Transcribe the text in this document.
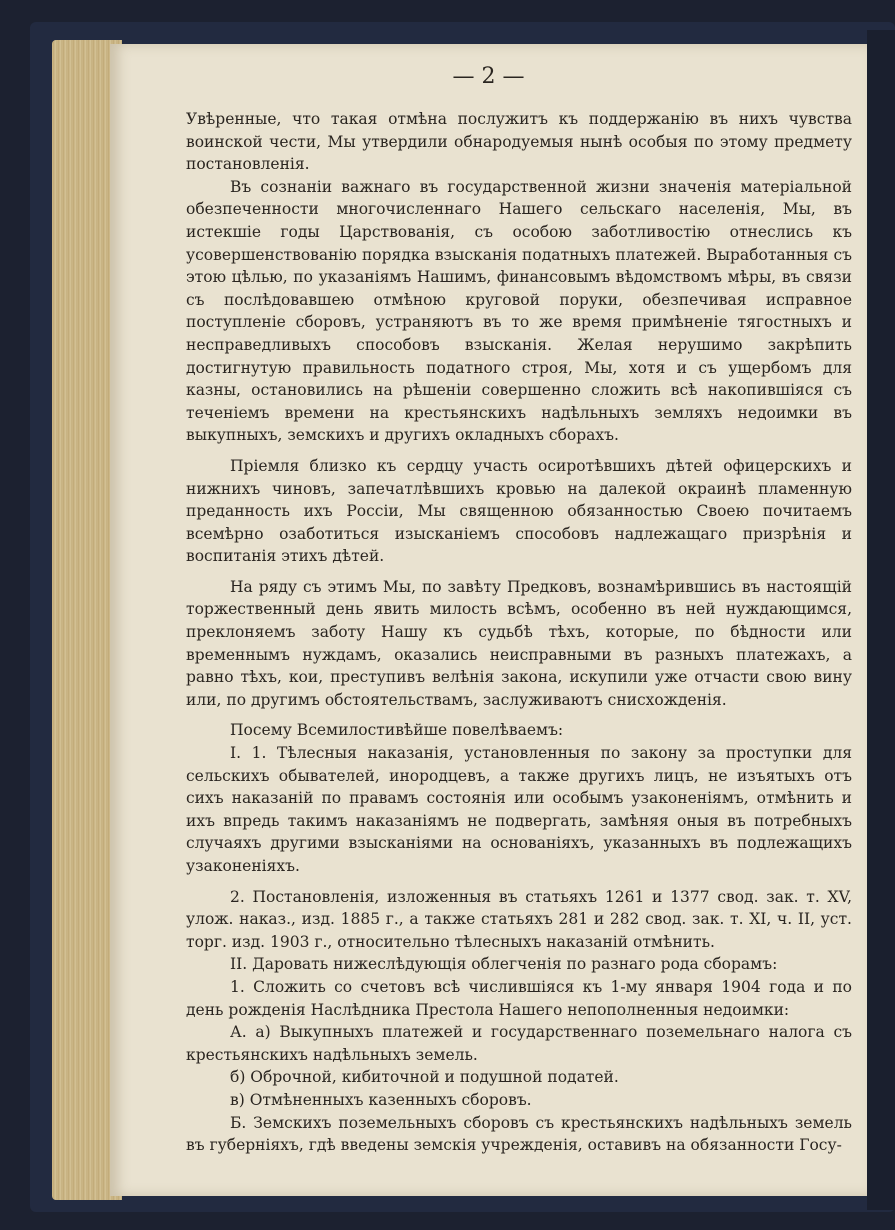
— 2 —

Увѣренные, что такая отмѣна послужитъ къ поддержанію въ нихъ чувства воинской чести, Мы утвердили обнародуемыя нынѣ особыя по этому предмету постановленія.

Въ сознаніи важнаго въ государственной жизни значенія матеріальной обезпеченности многочисленнаго Нашего сельскаго населенія, Мы, въ истекшіе годы Царствованія, съ особою заботливостію отнеслись къ усовершенствованію порядка взысканія податныхъ платежей. Выработанныя съ этою цѣлью, по указаніямъ Нашимъ, финансовымъ вѣдомствомъ мѣры, въ связи съ послѣдовавшею отмѣною круговой поруки, обезпечивая исправное поступленіе сборовъ, устраняютъ въ то же время примѣненіе тягостныхъ и несправедливыхъ способовъ взысканія. Желая нерушимо закрѣпить достигнутую правильность податного строя, Мы, хотя и съ ущербомъ для казны, остановились на рѣшеніи совершенно сложить всѣ накопившіяся съ теченіемъ времени на крестьянскихъ надѣльныхъ земляхъ недоимки въ выкупныхъ, земскихъ и другихъ окладныхъ сборахъ.

Пріемля близко къ сердцу участь осиротѣвшихъ дѣтей офицерскихъ и нижнихъ чиновъ, запечатлѣвшихъ кровью на далекой окраинѣ пламенную преданность ихъ Россіи, Мы священною обязанностью Своею почитаемъ всемѣрно озаботиться изысканіемъ способовъ надлежащаго призрѣнія и воспитанія этихъ дѣтей.

На ряду съ этимъ Мы, по завѣту Предковъ, вознамѣрившись въ настоящій торжественный день явить милость всѣмъ, особенно въ ней нуждающимся, преклоняемъ заботу Нашу къ судьбѣ тѣхъ, которые, по бѣдности или временнымъ нуждамъ, оказались неисправными въ разныхъ платежахъ, а равно тѣхъ, кои, преступивъ велѣнія закона, искупили уже отчасти свою вину или, по другимъ обстоятельствамъ, заслуживаютъ снисхожденія.

Посему Всемилостивѣйше повелѣваемъ:

I. 1. Тѣлесныя наказанія, установленныя по закону за проступки для сельскихъ обывателей, инородцевъ, а также другихъ лицъ, не изъятыхъ отъ сихъ наказаній по правамъ состоянія или особымъ узаконеніямъ, отмѣнить и ихъ впредь такимъ наказаніямъ не подвергать, замѣняя оныя въ потребныхъ случаяхъ другими взысканіями на основаніяхъ, указанныхъ въ подлежащихъ узаконеніяхъ.

2. Постановленія, изложенныя въ статьяхъ 1261 и 1377 свод. зак. т. XV, улож. наказ., изд. 1885 г., а также статьяхъ 281 и 282 свод. зак. т. XI, ч. II, уст. торг. изд. 1903 г., относительно тѣлесныхъ наказаній отмѣнить.

II. Даровать нижеслѣдующія облегченія по разнаго рода сборамъ:

1. Сложить со счетовъ всѣ числившіяся къ 1-му января 1904 года и по день рожденія Наслѣдника Престола Нашего непополненныя недоимки:

А. а) Выкупныхъ платежей и государственнаго поземельнаго налога съ крестьянскихъ надѣльныхъ земель.

б) Оброчной, кибиточной и подушной податей.

в) Отмѣненныхъ казенныхъ сборовъ.

Б. Земскихъ поземельныхъ сборовъ съ крестьянскихъ надѣльныхъ земель въ губерніяхъ, гдѣ введены земскія учрежденія, оставивъ на обязанности Госу-
